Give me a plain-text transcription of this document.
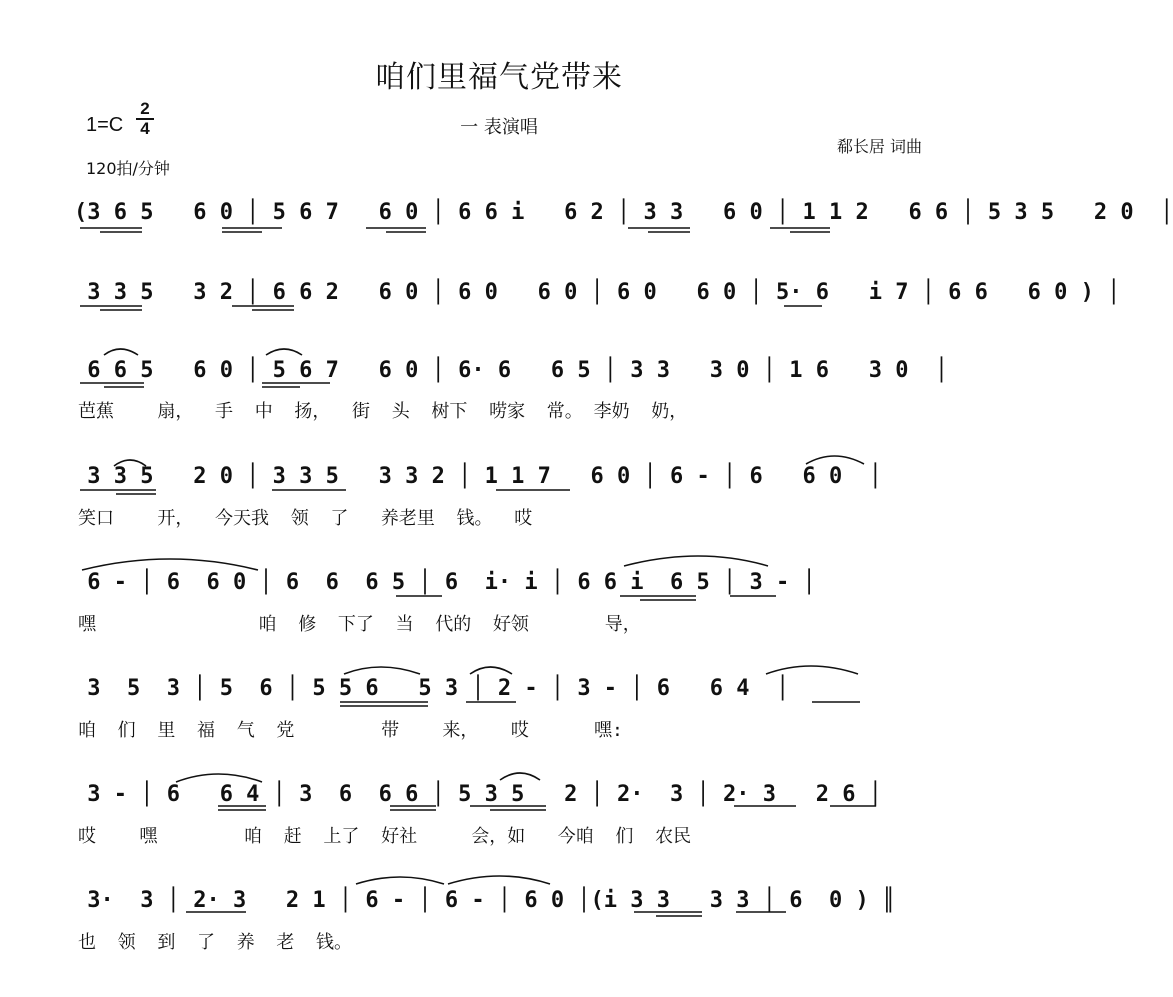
咱们里福气党带来
$1=C \frac{2}{4}$
120拍/分钟
一 表演唱
郗长居 词曲
(3 6 5   6 0 │ 5 6 7   6 0 │ 6 6 i   6 2 │ 3 3   6 0 │ 1 1 2   6 6 │ 5 3 5   2 0  │
3 3 5   3 2 │ 6 6 2   6 0 │ 6 0   6 0 │ 6 0   6 0 │ 5· 6   i 7 │ 6 6   6 0 ) │
6 6 5   6 0 │ 5 6 7   6 0 │ 6· 6   6 5 │ 3 3   3 0 │ 1 6   3 0  │
芭蕉    扇，  手  中  扬，  街  头  树下  唠家  常。 李奶  奶，
3 3 5   2 0 │ 3 3 5   3 3 2 │ 1 1 7   6 0 │ 6 - │ 6   6 0  │
笑口    开，  今天我  领  了   养老里  钱。  哎
6 - │ 6  6 0 │ 6  6  6 5 │ 6  i· i │ 6 6 i  6 5 │ 3 - │
嘿               咱  修  下了  当  代的  好领       导，
3  5  3 │ 5  6 │ 5 5 6   5 3 │ 2 - │ 3 - │ 6   6 4  │
咱  们  里  福  气  党        带    来，   哎      嘿:
3 - │ 6   6 4 │ 3  6  6 6 │ 5 3 5   2 │ 2·  3 │ 2· 3   2 6 │
哎    嘿        咱  赶  上了  好社     会，如   今咱  们  农民
3·  3 │ 2· 3   2 1 │ 6 - │ 6 - │ 6 0 │(i 3 3   3 3 │ 6  0 ) ║
也  领  到  了  养  老  钱。
